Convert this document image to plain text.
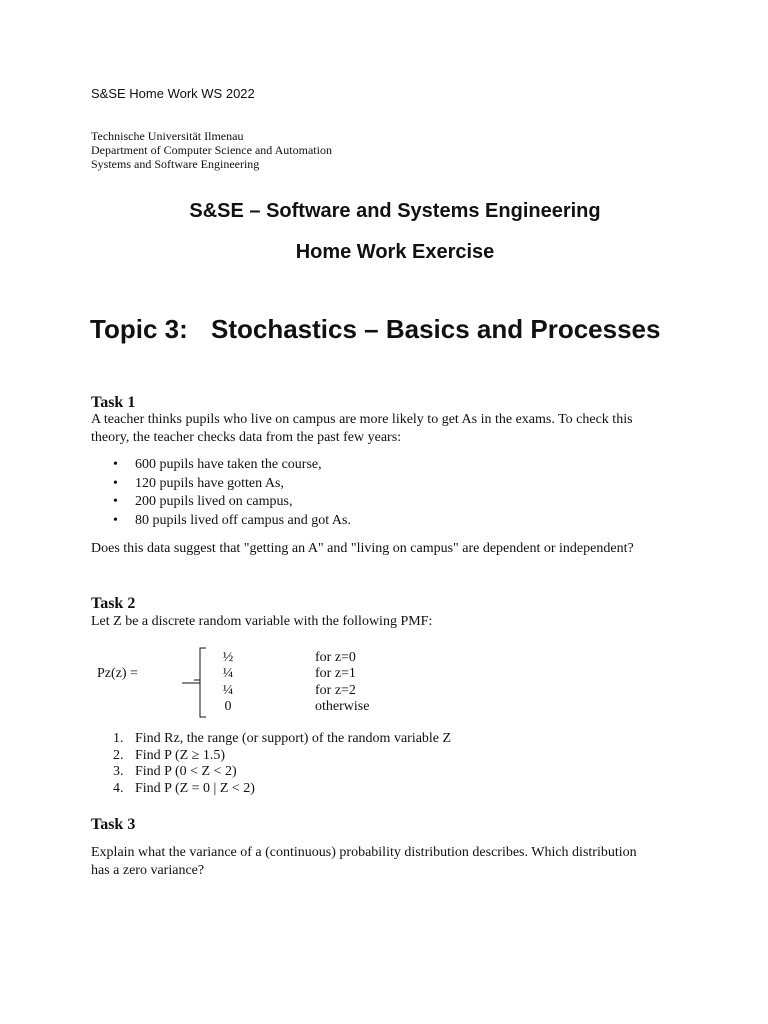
S&SE Home Work WS 2022
Technische Universität Ilmenau
Department of Computer Science and Automation
Systems and Software Engineering
S&SE – Software and Systems Engineering
Home Work Exercise
Topic 3: Stochastics – Basics and Processes
Task 1
A teacher thinks pupils who live on campus are more likely to get As in the exams. To check this
theory, the teacher checks data from the past few years:
• 600 pupils have taken the course,
• 120 pupils have gotten As,
• 200 pupils lived on campus,
• 80 pupils lived off campus and got As.
Does this data suggest that "getting an A" and "living on campus" are dependent or independent?
Task 2
Let Z be a discrete random variable with the following PMF:
Pz(z) =
½	for z=0
¼	for z=1
¼	for z=2
0	otherwise
1. Find Rz, the range (or support) of the random variable Z
2. Find P (Z ≥ 1.5)
3. Find P (0 < Z < 2)
4. Find P (Z = 0 | Z < 2)
Task 3
Explain what the variance of a (continuous) probability distribution describes. Which distribution
has a zero variance?
